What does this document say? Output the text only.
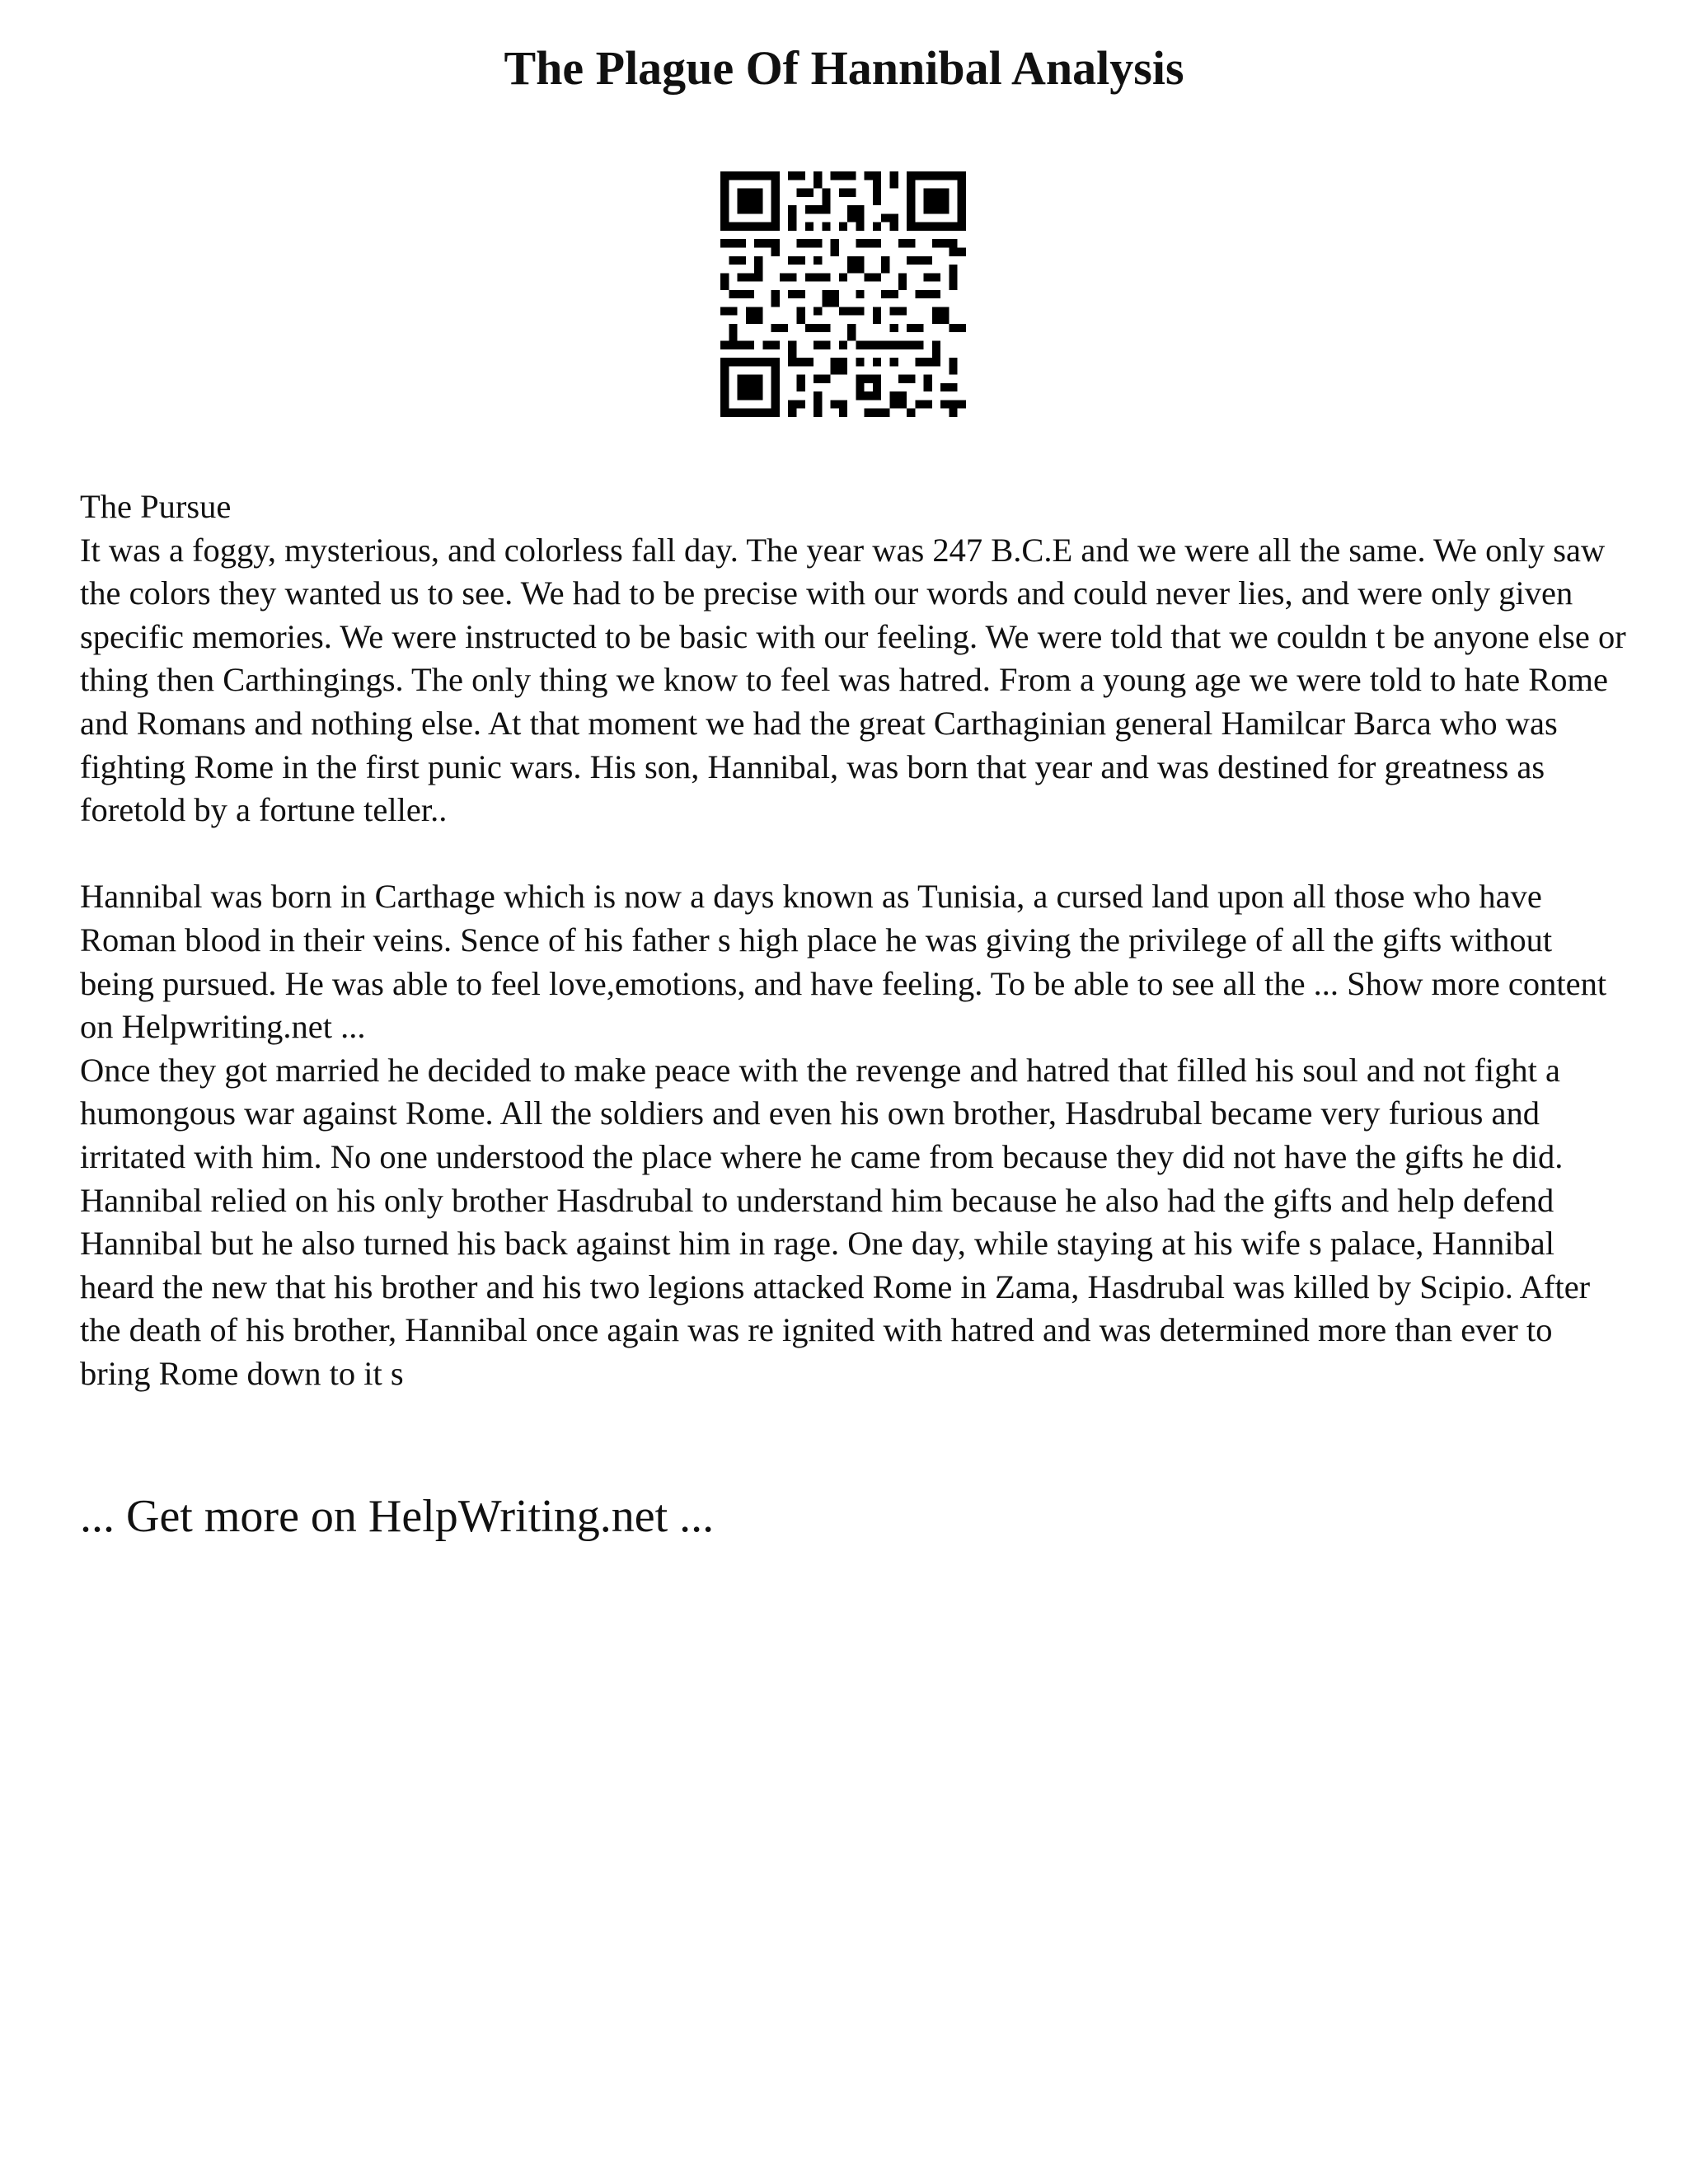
The Plague Of Hannibal Analysis

The Pursue

It was a foggy, mysterious, and colorless fall day. The year was 247 B.C.E and we were all the same. We only saw the colors they wanted us to see. We had to be precise with our words and could never lies, and were only given specific memories. We were instructed to be basic with our feeling. We were told that we couldn t be anyone else or thing then Carthingings. The only thing we know to feel was hatred. From a young age we were told to hate Rome and Romans and nothing else. At that moment we had the great Carthaginian general Hamilcar Barca who was fighting Rome in the first punic wars. His son, Hannibal, was born that year and was destined for greatness as foretold by a fortune teller..

Hannibal was born in Carthage which is now a days known as Tunisia, a cursed land upon all those who have Roman blood in their veins. Sence of his father s high place he was giving the privilege of all the gifts without being pursued. He was able to feel love,emotions, and have feeling. To be able to see all the ... Show more content on Helpwriting.net ...

Once they got married he decided to make peace with the revenge and hatred that filled his soul and not fight a humongous war against Rome. All the soldiers and even his own brother, Hasdrubal became very furious and irritated with him. No one understood the place where he came from because they did not have the gifts he did. Hannibal relied on his only brother Hasdrubal to understand him because he also had the gifts and help defend Hannibal but he also turned his back against him in rage. One day, while staying at his wife s palace, Hannibal heard the new that his brother and his two legions attacked Rome in Zama, Hasdrubal was killed by Scipio. After the death of his brother, Hannibal once again was re ignited with hatred and was determined more than ever to bring Rome down to it s

... Get more on HelpWriting.net ...
